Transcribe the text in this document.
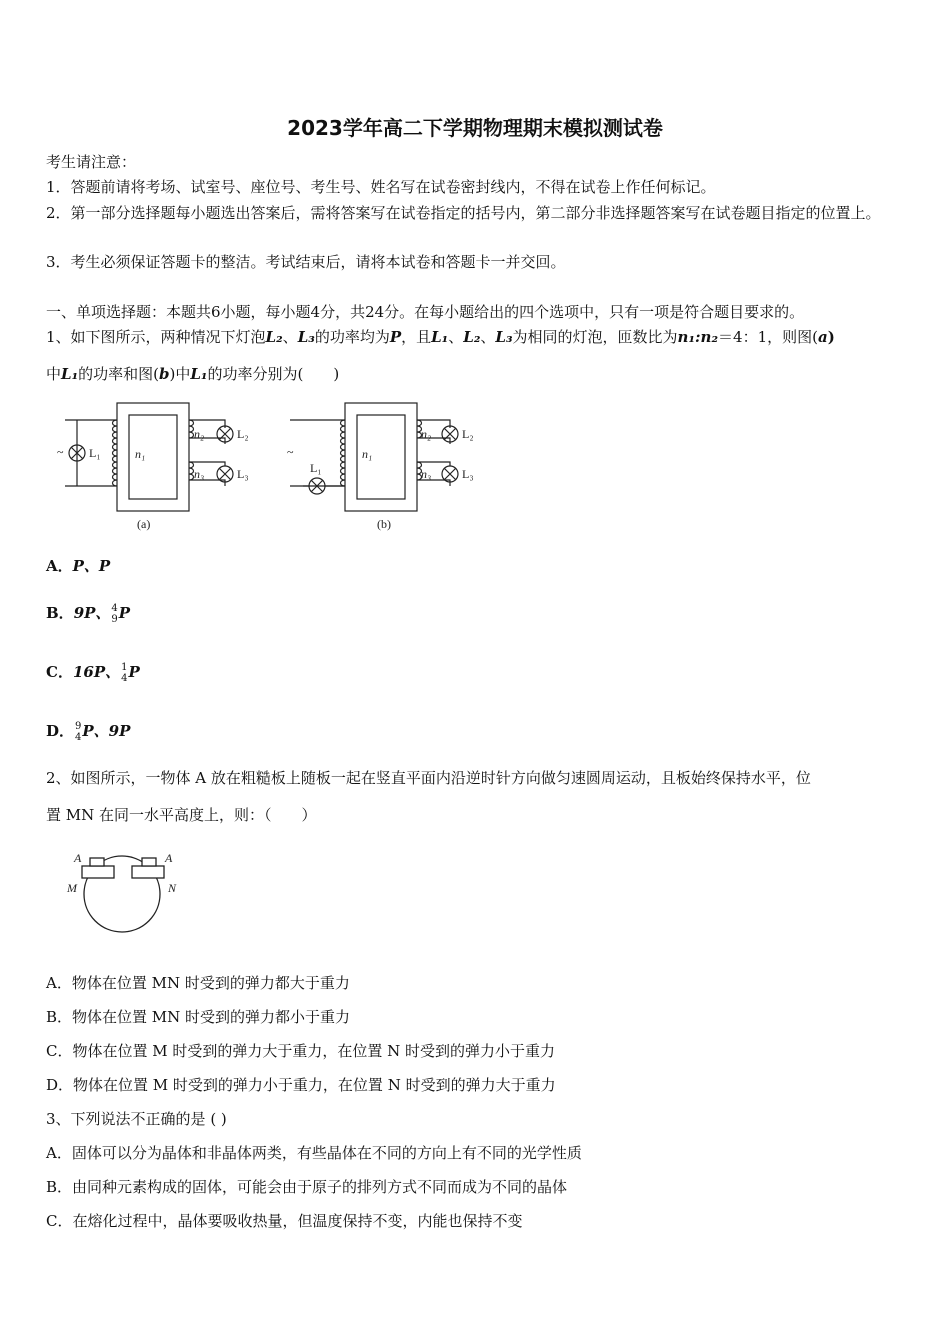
2023学年高二下学期物理期末模拟测试卷
考生请注意：
1．答题前请将考场、试室号、座位号、考生号、姓名写在试卷密封线内，不得在试卷上作任何标记。
2．第一部分选择题每小题选出答案后，需将答案写在试卷指定的括号内，第二部分非选择题答案写在试卷题目指定的位置上。
3．考生必须保证答题卡的整洁。考试结束后，请将本试卷和答题卡一并交回。
一、单项选择题：本题共6小题，每小题4分，共24分。在每小题给出的四个选项中，只有一项是符合题目要求的。
1、如下图所示，两种情况下灯泡L₂、L₃的功率均为P，且L₁、L₂、L₃为相同的灯泡，匝数比为n₁:n₂＝4：1，则图(a)
中L₁的功率和图(b)中L₁的功率分别为(　　)
~ L₁	n₁
n₂
n₃
L₂
L₃
(a)
~
L₁
n₁
n₂
n₃
L₂
L₃
(b)
A．P、P
B．9P、 4
9 P
C．16P、 1
4 P
D． 9
4 P、9P
2、如图所示，一物体 A 放在粗糙板上随板一起在竖直平面内沿逆时针方向做匀速圆周运动，且板始终保持水平，位
置 MN 在同一水平高度上，则：（　　）
A	A
M	N
A．物体在位置 MN 时受到的弹力都大于重力
B．物体在位置 MN 时受到的弹力都小于重力
C．物体在位置 M 时受到的弹力大于重力，在位置 N 时受到的弹力小于重力
D．物体在位置 M 时受到的弹力小于重力，在位置 N 时受到的弹力大于重力
3、下列说法不正确的是 ( )
A．固体可以分为晶体和非晶体两类，有些晶体在不同的方向上有不同的光学性质
B．由同种元素构成的固体，可能会由于原子的排列方式不同而成为不同的晶体
C．在熔化过程中，晶体要吸收热量，但温度保持不变，内能也保持不变
